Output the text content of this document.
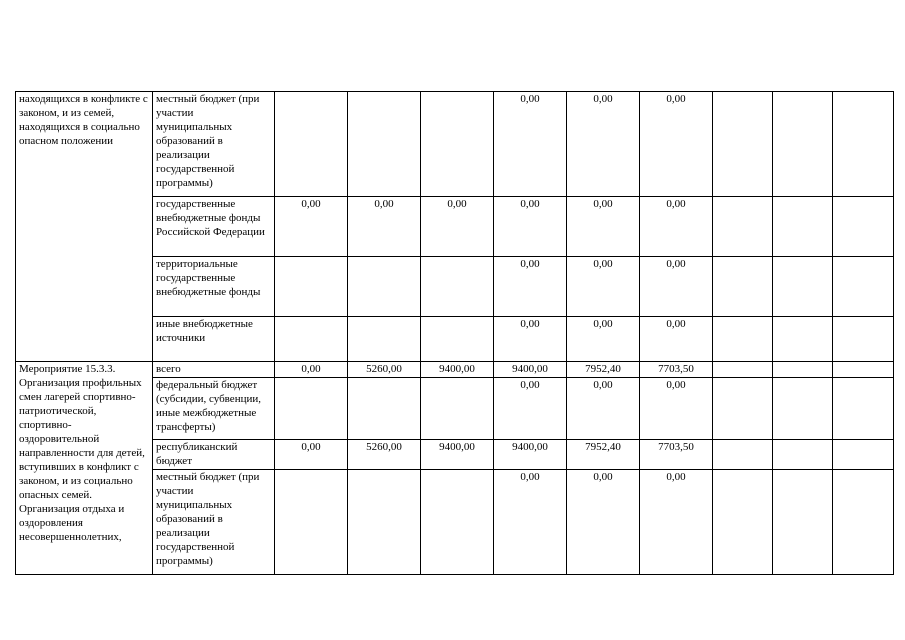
находящихся в конфликте с законом, и из семей, находящихся в социально опасном положении	местный бюджет (при участии муниципальных образований в реализации государственной программы)				0,00	0,00	0,00			
	государственные внебюджетные фонды Российской Федерации	0,00	0,00	0,00	0,00	0,00	0,00			
	территориальные государственные внебюджетные фонды				0,00	0,00	0,00			
	иные внебюджетные источники				0,00	0,00	0,00			
Мероприятие 15.3.3. Организация профильных смен лагерей спортивно-патриотической, спортивно-оздоровительной направленности для детей, вступивших в конфликт с законом, и из социально опасных семей. Организация отдыха и оздоровления несовершеннолетних,	всего	0,00	5260,00	9400,00	9400,00	7952,40	7703,50			
	федеральный бюджет (субсидии, субвенции, иные межбюджетные трансферты)				0,00	0,00	0,00			
	республиканский бюджет	0,00	5260,00	9400,00	9400,00	7952,40	7703,50			
	местный бюджет (при участии муниципальных образований в реализации государственной программы)				0,00	0,00	0,00			
